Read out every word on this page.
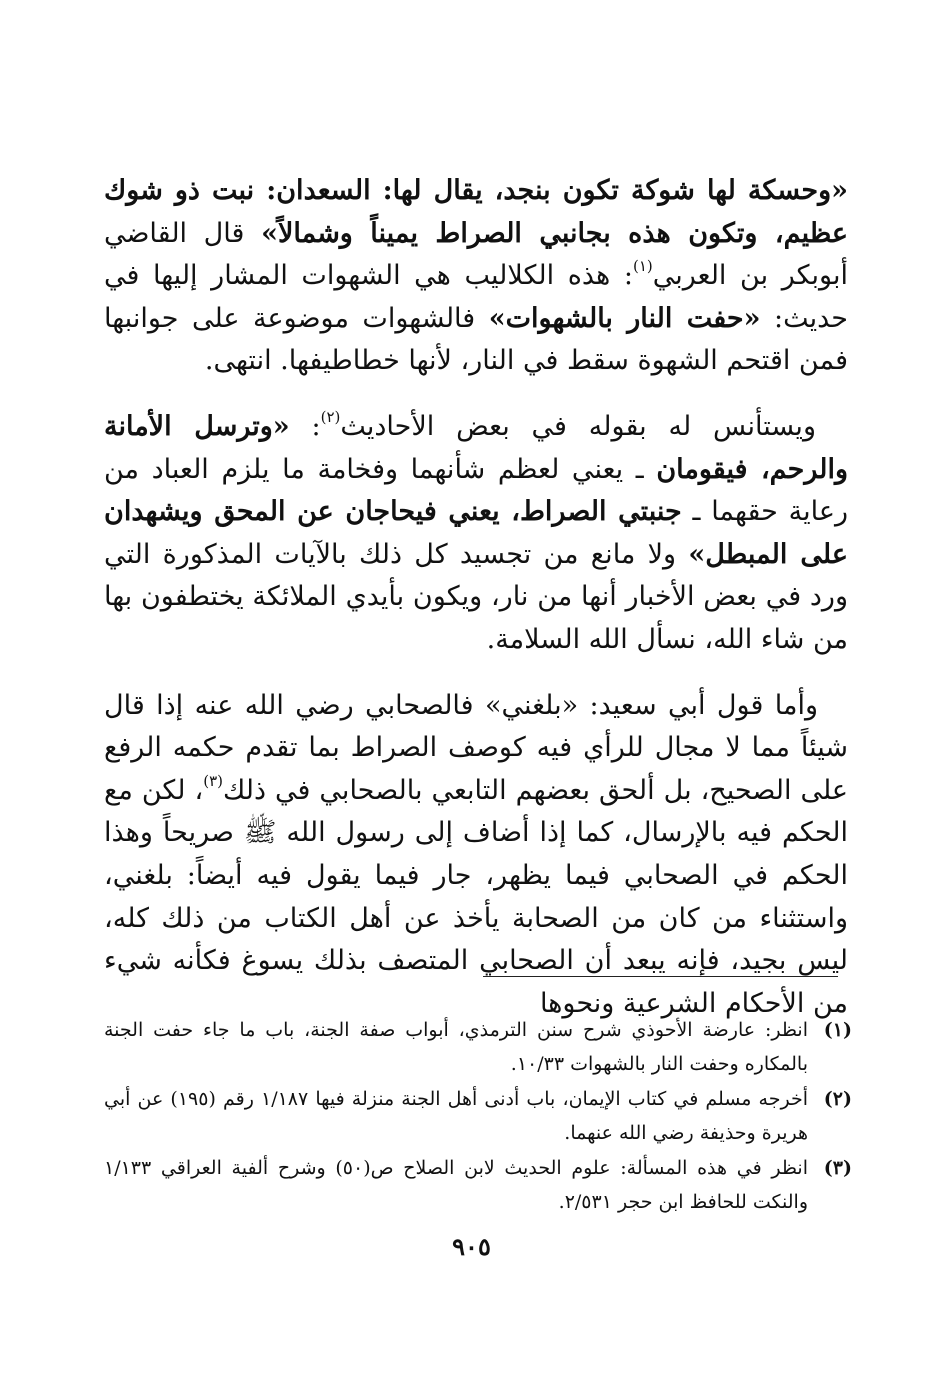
«وحسكة لها شوكة تكون بنجد، يقال لها: السعدان: نبت ذو شوك عظيم، وتكون هذه بجانبي الصراط يميناً وشمالاً» قال القاضي أبوبكر بن العربي$^{(١)}$: هذه الكلاليب هي الشهوات المشار إليها في حديث: «حفت النار بالشهوات» فالشهوات موضوعة على جوانبها فمن اقتحم الشهوة سقط في النار، لأنها خطاطيفها. انتهى.

ويستأنس له بقوله في بعض الأحاديث$^{(٢)}$: «وترسل الأمانة والرحم، فيقومان ـ يعني لعظم شأنهما وفخامة ما يلزم العباد من رعاية حقهما ـ جنبتي الصراط، يعني فيحاجان عن المحق ويشهدان على المبطل» ولا مانع من تجسيد كل ذلك بالآيات المذكورة التي ورد في بعض الأخبار أنها من نار، ويكون بأيدي الملائكة يختطفون بها من شاء الله، نسأل الله السلامة.

وأما قول أبي سعيد: «بلغني» فالصحابي رضي الله عنه إذا قال شيئاً مما لا مجال للرأي فيه كوصف الصراط بما تقدم حكمه الرفع على الصحيح، بل ألحق بعضهم التابعي بالصحابي في ذلك$^{(٣)}$، لكن مع الحكم فيه بالإرسال، كما إذا أضاف إلى رسول الله ﷺ صريحاً وهذا الحكم في الصحابي فيما يظهر، جار فيما يقول فيه أيضاً: بلغني، واستثناء من كان من الصحابة يأخذ عن أهل الكتاب من ذلك كله، ليس بجيد، فإنه يبعد أن الصحابي المتصف بذلك يسوغ فكأنه شيء من الأحكام الشرعية ونحوها

(١)
انظر: عارضة الأحوذي شرح سنن الترمذي، أبواب صفة الجنة، باب ما جاء حفت الجنة بالمكاره وحفت النار بالشهوات ١٠/٣٣.
(٢)
أخرجه مسلم في كتاب الإيمان، باب أدنى أهل الجنة منزلة فيها ١/١٨٧ رقم (١٩٥) عن أبي هريرة وحذيفة رضي الله عنهما.
(٣)
انظر في هذه المسألة: علوم الحديث لابن الصلاح ص(٥٠) وشرح ألفية العراقي ١/١٣٣ والنكت للحافظ ابن حجر ٢/٥٣١.
٩٠٥
